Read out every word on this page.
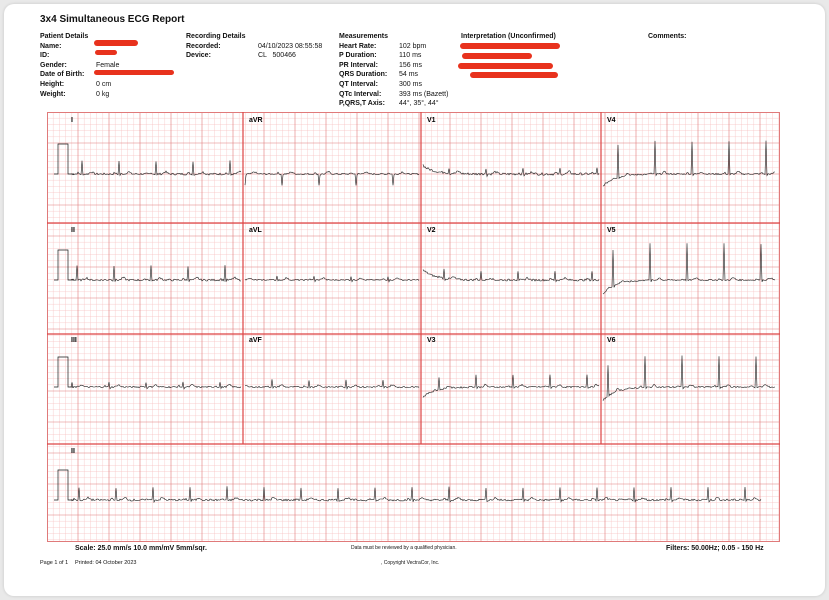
3x4 Simultaneous ECG Report
Patient Details
Name:
ID:
Gender:	Female
Date of Birth:
Height:	0 cm
Weight:	0 kg
Recording Details
Recorded:	04/10/2023 08:55:58
Device:	CL   500466
Measurements
Heart Rate:	102 bpm
P Duration:	110 ms
PR Interval:	156 ms
QRS Duration: 54 ms
QT Interval:	300 ms
QTc Interval:	393 ms (Bazett)
P,QRS,T Axis: 44°, 35°, 44°
Interpretation (Unconfirmed)	Comments:
I	aVR	V1	V4
II	aVL	V2	V5
III	aVF	V3	V6
II
Scale: 25.0 mm/s 10.0 mm/mV 5mm/sqr.	Data must be reviewed by a qualified physician.	Filters: 50.00Hz; 0.05 - 150 Hz
Page 1 of 1 Printed: 04 October 2023	, Copyright VectraCor, Inc.
